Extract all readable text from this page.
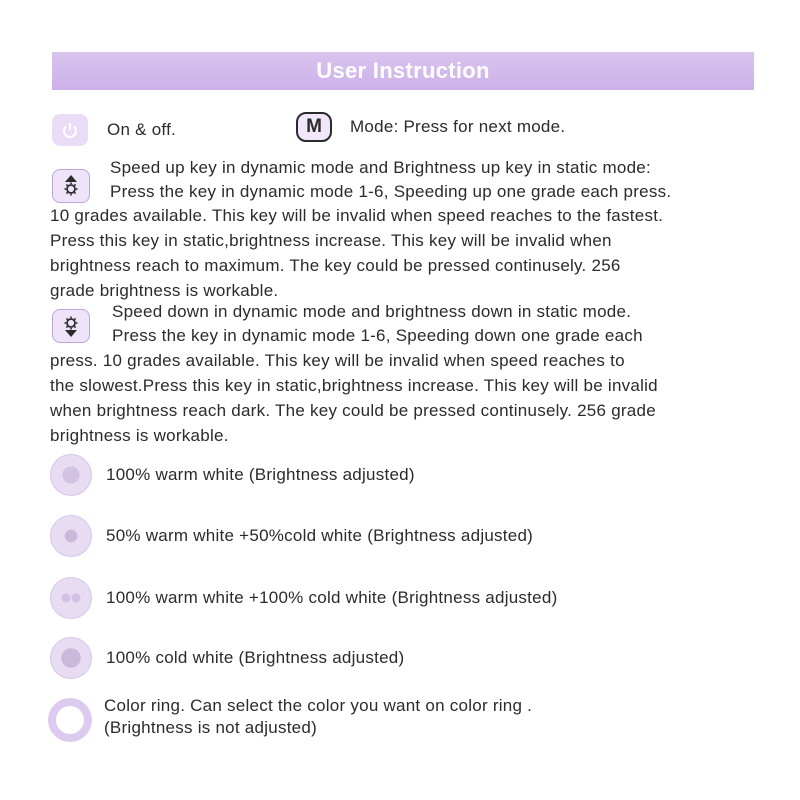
User Instruction
On & off.	M	Mode: Press for next mode.
Speed up key in dynamic mode and Brightness up key in static mode:
Press the key in dynamic mode 1-6, Speeding up one grade each press.
10 grades available. This key will be invalid when speed reaches to the fastest.
Press this key in static,brightness increase. This key will be invalid when
brightness reach to maximum. The key could be pressed continusely. 256
grade brightness is workable.
Speed down in dynamic mode and brightness down in static mode.
Press the key in dynamic mode 1-6, Speeding down one grade each
press. 10 grades available. This key will be invalid when speed reaches to
the slowest.Press this key in static,brightness increase. This key will be invalid
when brightness reach dark. The key could be pressed continusely. 256 grade
brightness is workable.
100% warm white (Brightness adjusted)
50% warm white +50%cold white (Brightness adjusted)
100% warm white +100% cold white (Brightness adjusted)
100% cold white (Brightness adjusted)
Color ring. Can select the color you want on color ring .
(Brightness is not adjusted)
